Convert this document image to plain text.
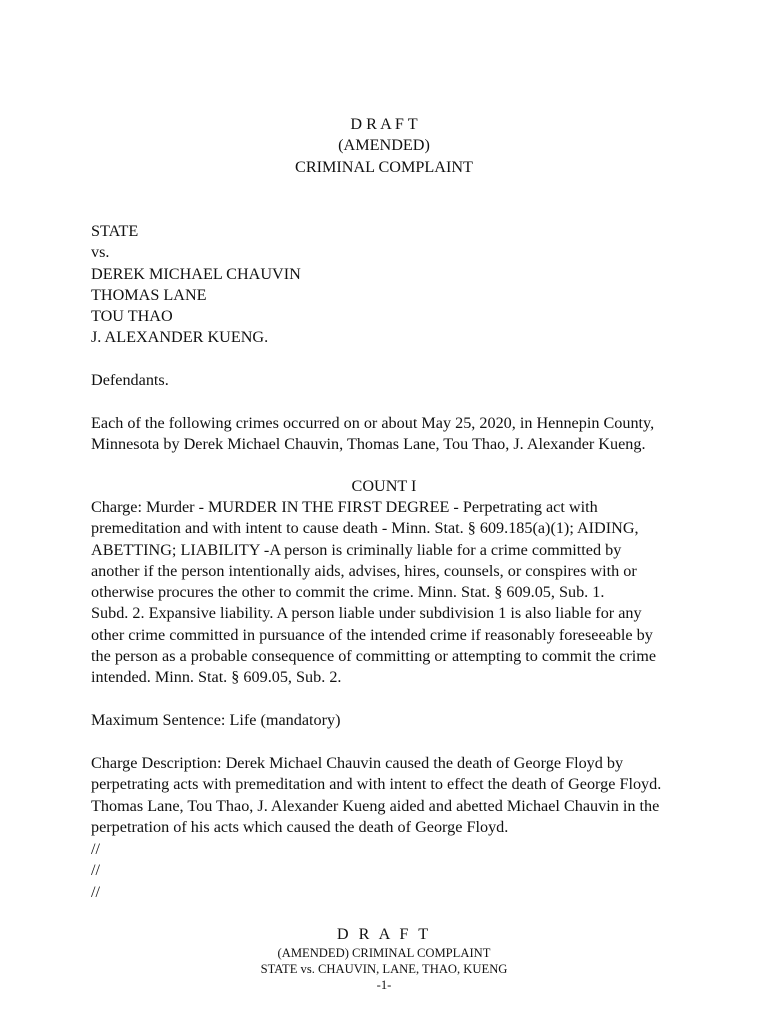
D R A F T
(AMENDED)
CRIMINAL COMPLAINT
STATE
vs.
DEREK MICHAEL CHAUVIN
THOMAS LANE
TOU THAO
J. ALEXANDER KUENG.
Defendants.
Each of the following crimes occurred on or about May 25, 2020, in Hennepin County,
Minnesota by Derek Michael Chauvin, Thomas Lane, Tou Thao, J. Alexander Kueng.
COUNT I
Charge: Murder - MURDER IN THE FIRST DEGREE - Perpetrating act with
premeditation and with intent to cause death - Minn. Stat. § 609.185(a)(1); AIDING,
ABETTING; LIABILITY -A person is criminally liable for a crime committed by
another if the person intentionally aids, advises, hires, counsels, or conspires with or
otherwise procures the other to commit the crime. Minn. Stat. § 609.05, Sub. 1.
Subd. 2. Expansive liability. A person liable under subdivision 1 is also liable for any
other crime committed in pursuance of the intended crime if reasonably foreseeable by
the person as a probable consequence of committing or attempting to commit the crime
intended. Minn. Stat. § 609.05, Sub. 2.
Maximum Sentence: Life (mandatory)
Charge Description: Derek Michael Chauvin caused the death of George Floyd by
perpetrating acts with premeditation and with intent to effect the death of George Floyd.
Thomas Lane, Tou Thao, J. Alexander Kueng aided and abetted Michael Chauvin in the
perpetration of his acts which caused the death of George Floyd.
//
//
//
D R A F T
(AMENDED) CRIMINAL COMPLAINT
STATE vs. CHAUVIN, LANE, THAO, KUENG
-1-
